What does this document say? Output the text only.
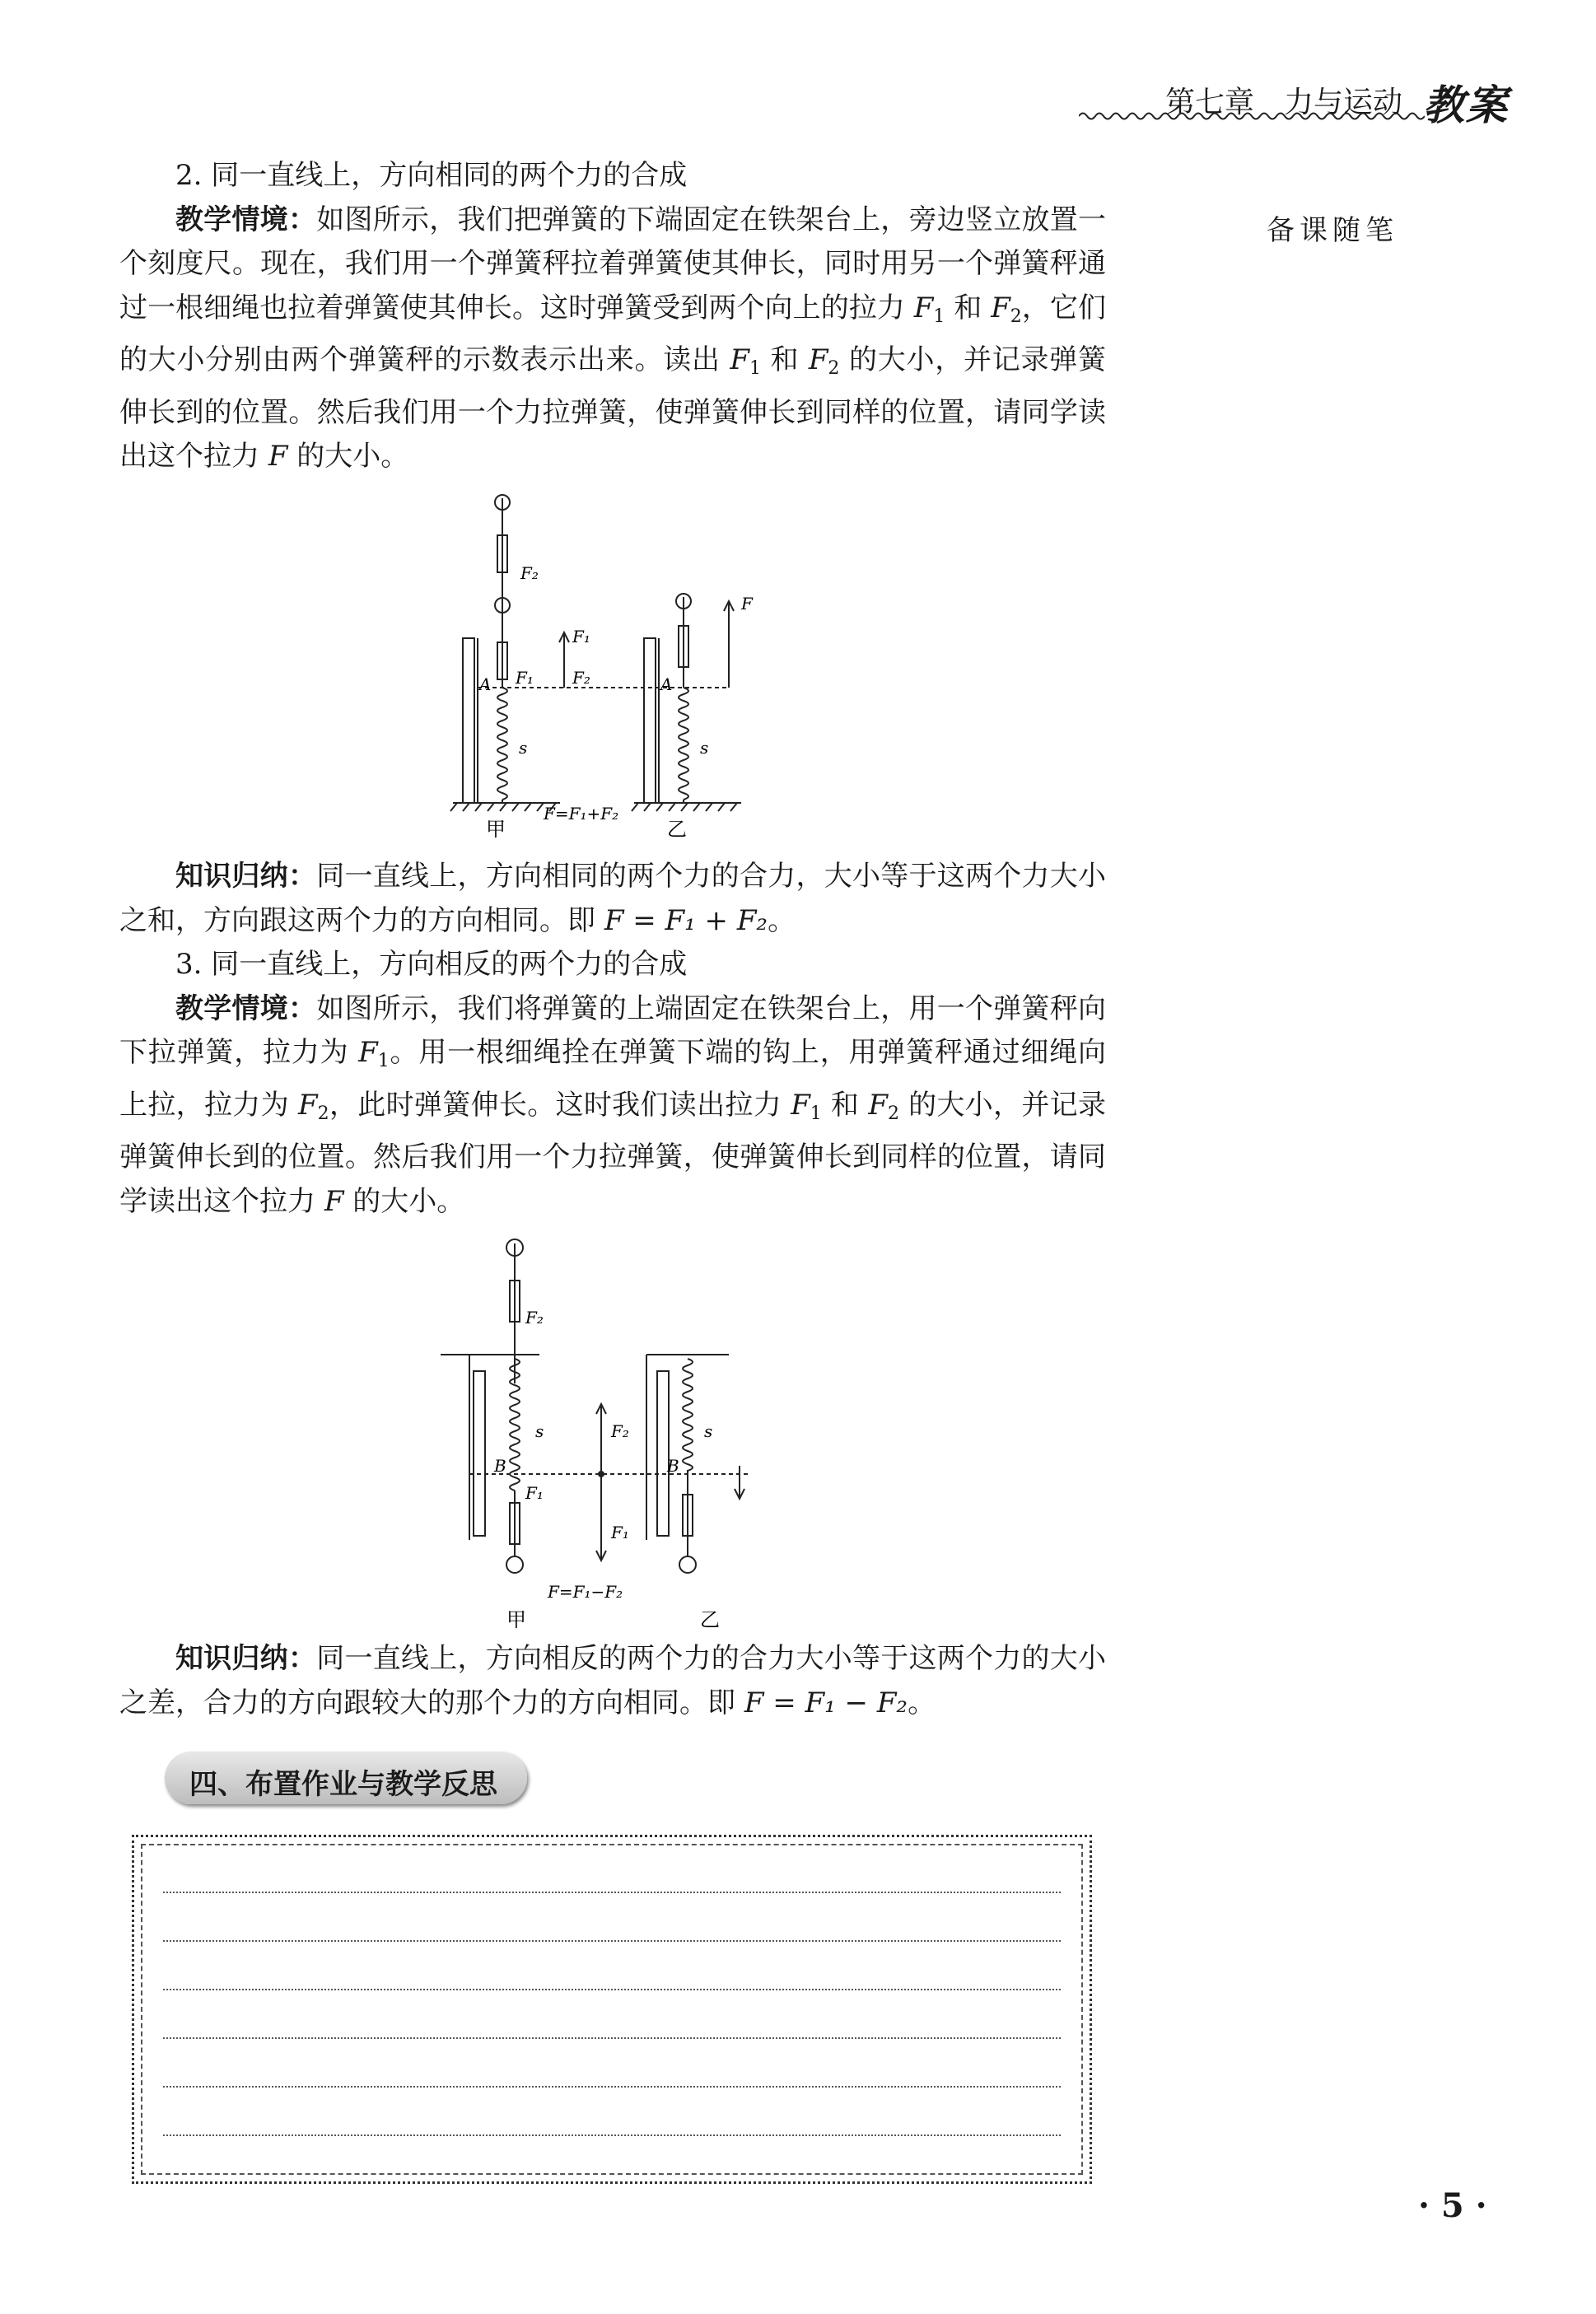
第七章　力与运动 教案
备课随笔

2. 同一直线上，方向相同的两个力的合成

教学情境：如图所示，我们把弹簧的下端固定在铁架台上，旁边竖立放置一个刻度尺。现在，我们用一个弹簧秤拉着弹簧使其伸长，同时用另一个弹簧秤通过一根细绳也拉着弹簧使其伸长。这时弹簧受到两个向上的拉力 $F_1$ 和 $F_2$，它们的大小分别由两个弹簧秤的示数表示出来。读出 $F_1$ 和 $F_2$ 的大小，并记录弹簧伸长到的位置。然后我们用一个力拉弹簧，使弹簧伸长到同样的位置，请同学读出这个拉力 F 的大小。

F₂
F₁
F₁ F₂
A	A
s	s
F
甲	乙
F=F₁+F₂

知识归纳：同一直线上，方向相同的两个力的合力，大小等于这两个力大小之和，方向跟这两个力的方向相同。即 F = F₁ + F₂。

3. 同一直线上，方向相反的两个力的合成

教学情境：如图所示，我们将弹簧的上端固定在铁架台上，用一个弹簧秤向下拉弹簧，拉力为 $F_1$。用一根细绳拴在弹簧下端的钩上，用弹簧秤通过细绳向上拉，拉力为 $F_2$，此时弹簧伸长。这时我们读出拉力 $F_1$ 和 $F_2$ 的大小，并记录弹簧伸长到的位置。然后我们用一个力拉弹簧，使弹簧伸长到同样的位置，请同学读出这个拉力 F 的大小。

F₂
s
B
F₁
F₂
F₁
s
B
F=F₁−F₂
甲	乙

知识归纳：同一直线上，方向相反的两个力的合力大小等于这两个力的大小之差，合力的方向跟较大的那个力的方向相同。即 F = F₁ − F₂。

四、布置作业与教学反思
· 5 ·
